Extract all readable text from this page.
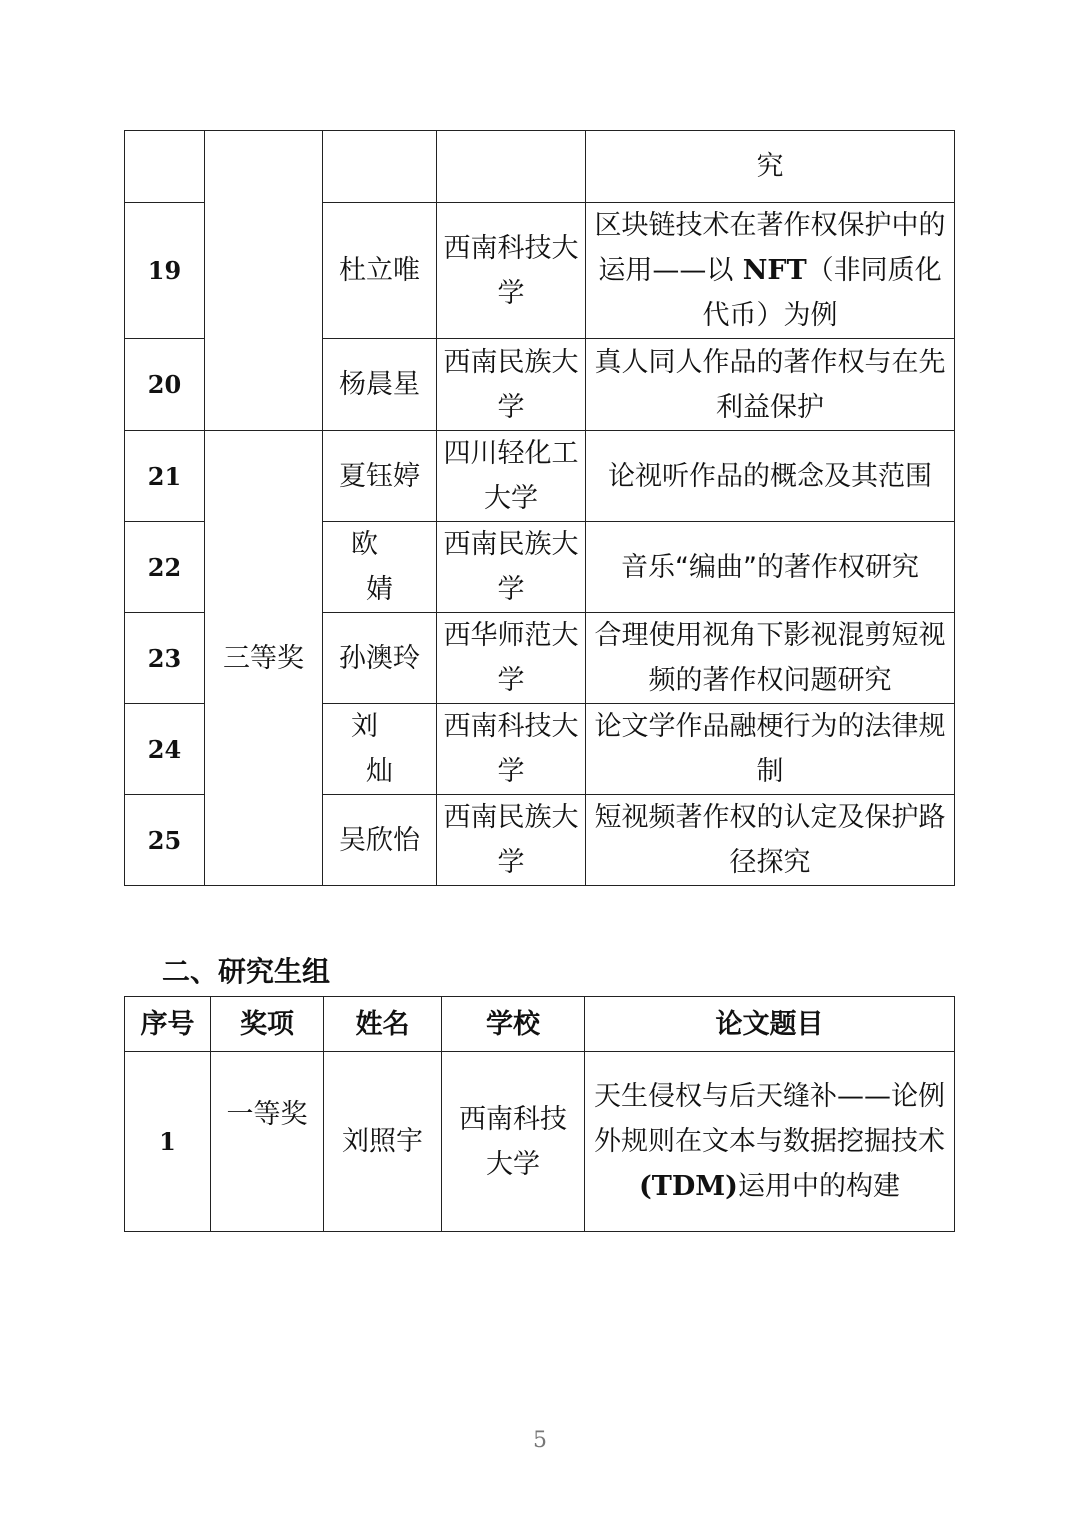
				究
19		杜立唯	西南科技大学	区块链技术在著作权保护中的运用——以 NFT（非同质化代币）为例
20		杨晨星	西南民族大学	真人同人作品的著作权与在先利益保护
21	三等奖	夏钰婷	四川轻化工大学	论视听作品的概念及其范围
22		欧婧	西南民族大学	音乐“编曲”的著作权研究
23		孙澳玲	西华师范大学	合理使用视角下影视混剪短视频的著作权问题研究
24		刘灿	西南科技大学	论文学作品融梗行为的法律规制
25		吴欣怡	西南民族大学	短视频著作权的认定及保护路径探究
二、研究生组
序号	奖项	姓名	学校	论文题目
1	一等奖	刘照宇	西南科技大学	天生侵权与后天缝补——论例外规则在文本与数据挖掘技术(TDM)运用中的构建
5
